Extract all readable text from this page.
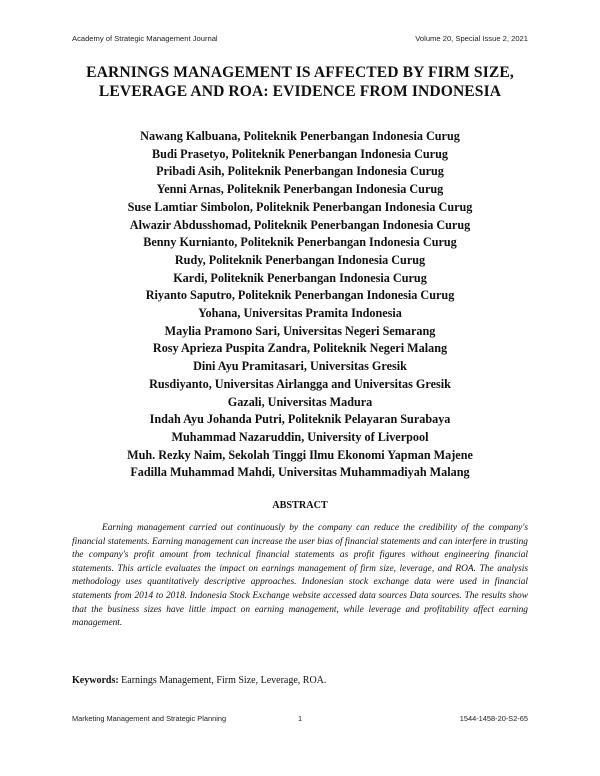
Academy of Strategic Management Journal	Volume 20, Special Issue 2, 2021
EARNINGS MANAGEMENT IS AFFECTED BY FIRM SIZE, LEVERAGE AND ROA: EVIDENCE FROM INDONESIA
Nawang Kalbuana, Politeknik Penerbangan Indonesia Curug
Budi Prasetyo, Politeknik Penerbangan Indonesia Curug
Pribadi Asih, Politeknik Penerbangan Indonesia Curug
Yenni Arnas, Politeknik Penerbangan Indonesia Curug
Suse Lamtiar Simbolon, Politeknik Penerbangan Indonesia Curug
Alwazir Abdusshomad, Politeknik Penerbangan Indonesia Curug
Benny Kurnianto, Politeknik Penerbangan Indonesia Curug
Rudy, Politeknik Penerbangan Indonesia Curug
Kardi, Politeknik Penerbangan Indonesia Curug
Riyanto Saputro, Politeknik Penerbangan Indonesia Curug
Yohana, Universitas Pramita Indonesia
Maylia Pramono Sari, Universitas Negeri Semarang
Rosy Aprieza Puspita Zandra, Politeknik Negeri Malang
Dini Ayu Pramitasari, Universitas Gresik
Rusdiyanto, Universitas Airlangga and Universitas Gresik
Gazali, Universitas Madura
Indah Ayu Johanda Putri, Politeknik Pelayaran Surabaya
Muhammad Nazaruddin, University of Liverpool
Muh. Rezky Naim, Sekolah Tinggi Ilmu Ekonomi Yapman Majene
Fadilla Muhammad Mahdi, Universitas Muhammadiyah Malang
ABSTRACT

Earning management carried out continuously by the company can reduce the credibility of the company's financial statements. Earning management can increase the user bias of financial statements and can interfere in trusting the company's profit amount from technical financial statements as profit figures without engineering financial statements. This article evaluates the impact on earnings management of firm size, leverage, and ROA. The analysis methodology uses quantitatively descriptive approaches. Indonesian stock exchange data were used in financial statements from 2014 to 2018. Indonesia Stock Exchange website accessed data sources Data sources. The results show that the business sizes have little impact on earning management, while leverage and profitability affect earning management.

Keywords: Earnings Management, Firm Size, Leverage, ROA.

Marketing Management and Strategic Planning	1	1544-1458-20-S2-65
